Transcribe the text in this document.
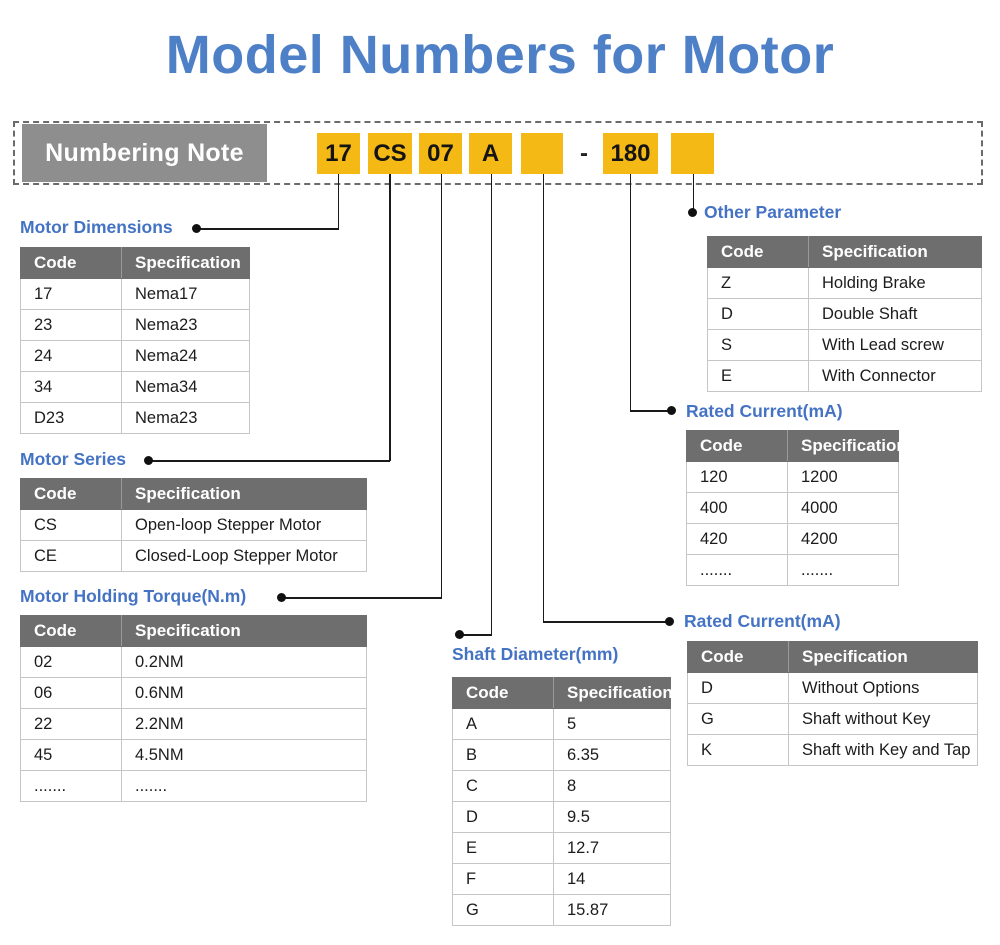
Model Numbers for Motor
Numbering Note	17 CS 07	A	- 180
Motor Dimensions
Motor Series
Motor Holding Torque(N.m)
Shaft Diameter(mm)
Rated Current(mA)
Other Parameter
Rated Current(mA)
Code	Specification
17	Nema17
23	Nema23
24	Nema24
34	Nema34
D23	Nema23
Code	Specification
CS	Open-loop Stepper Motor
CE	Closed-Loop Stepper Motor
Code	Specification
02	0.2NM
06	0.6NM
22	2.2NM
45	4.5NM
.......	.......
Code	Specification
A	5
B	6.35
C	8
D	9.5
E	12.7
F	14
G	15.87
Code	Specification
120	1200
400	4000
420	4200
.......	.......
Code	Specification
Z	Holding Brake
D	Double Shaft
S	With Lead screw
E	With Connector
Code	Specification
D	Without Options
G	Shaft without Key
K	Shaft with Key and Tap
